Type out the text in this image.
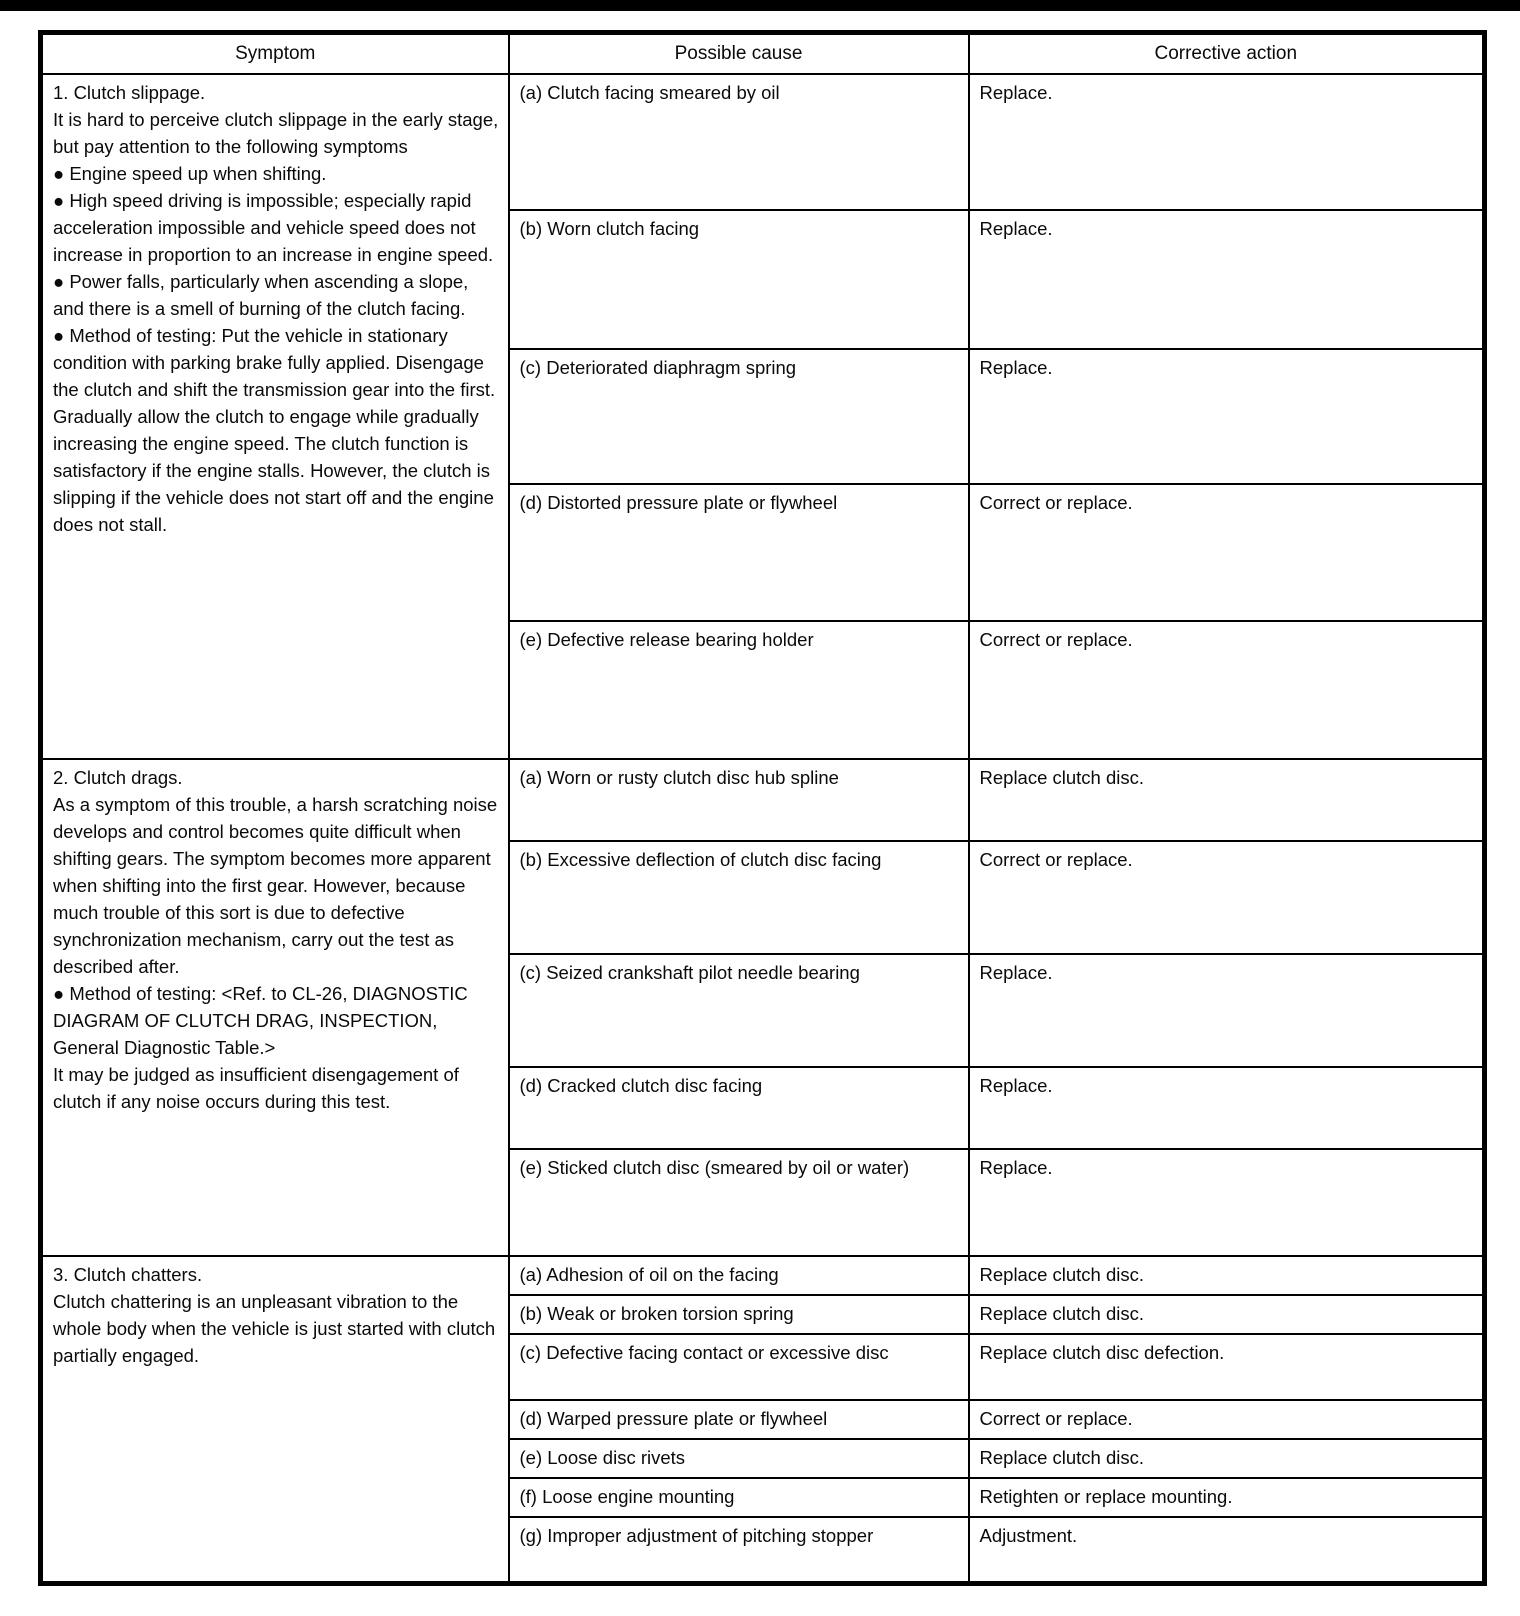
Symptom	Possible cause	Corrective action

1. Clutch slippage.

It is hard to perceive clutch slippage in the early stage, but pay attention to the following symptoms

● Engine speed up when shifting.

● High speed driving is impossible; especially rapid acceleration impossible and vehicle speed does not increase in proportion to an increase in engine speed.

● Power falls, particularly when ascending a slope, and there is a smell of burning of the clutch facing.

● Method of testing: Put the vehicle in stationary condition with parking brake fully applied. Disengage the clutch and shift the transmission gear into the first. Gradually allow the clutch to engage while gradually increasing the engine speed. The clutch function is satisfactory if the engine stalls. However, the clutch is slipping if the vehicle does not start off and the engine does not stall.

	(a) Clutch facing smeared by oil	Replace.
	(b) Worn clutch facing	Replace.
	(c) Deteriorated diaphragm spring	Replace.
	(d) Distorted pressure plate or flywheel	Correct or replace.
	(e) Defective release bearing holder	Correct or replace.

2. Clutch drags.

As a symptom of this trouble, a harsh scratching noise develops and control becomes quite difficult when shifting gears. The symptom becomes more apparent when shifting into the first gear. However, because much trouble of this sort is due to defective synchronization mechanism, carry out the test as described after.

● Method of testing: <Ref. to CL-26, DIAGNOSTIC DIAGRAM OF CLUTCH DRAG, INSPECTION, General Diagnostic Table.>

It may be judged as insufficient disengagement of clutch if any noise occurs during this test.	(a) Worn or rusty clutch disc hub spline	Replace clutch disc.
	(b) Excessive deflection of clutch disc facing	Correct or replace.
	(c) Seized crankshaft pilot needle bearing	Replace.
	(d) Cracked clutch disc facing	Replace.
	(e) Sticked clutch disc (smeared by oil or water)	Replace.

3. Clutch chatters.

Clutch chattering is an unpleasant vibration to the whole body when the vehicle is just started with clutch partially engaged.	(a) Adhesion of oil on the facing	Replace clutch disc.
	(b) Weak or broken torsion spring	Replace clutch disc.
	(c) Defective facing contact or excessive disc	Replace clutch disc defection.
	(d) Warped pressure plate or flywheel	Correct or replace.
	(e) Loose disc rivets	Replace clutch disc.
	(f) Loose engine mounting	Retighten or replace mounting.
	(g) Improper adjustment of pitching stopper	Adjustment.
